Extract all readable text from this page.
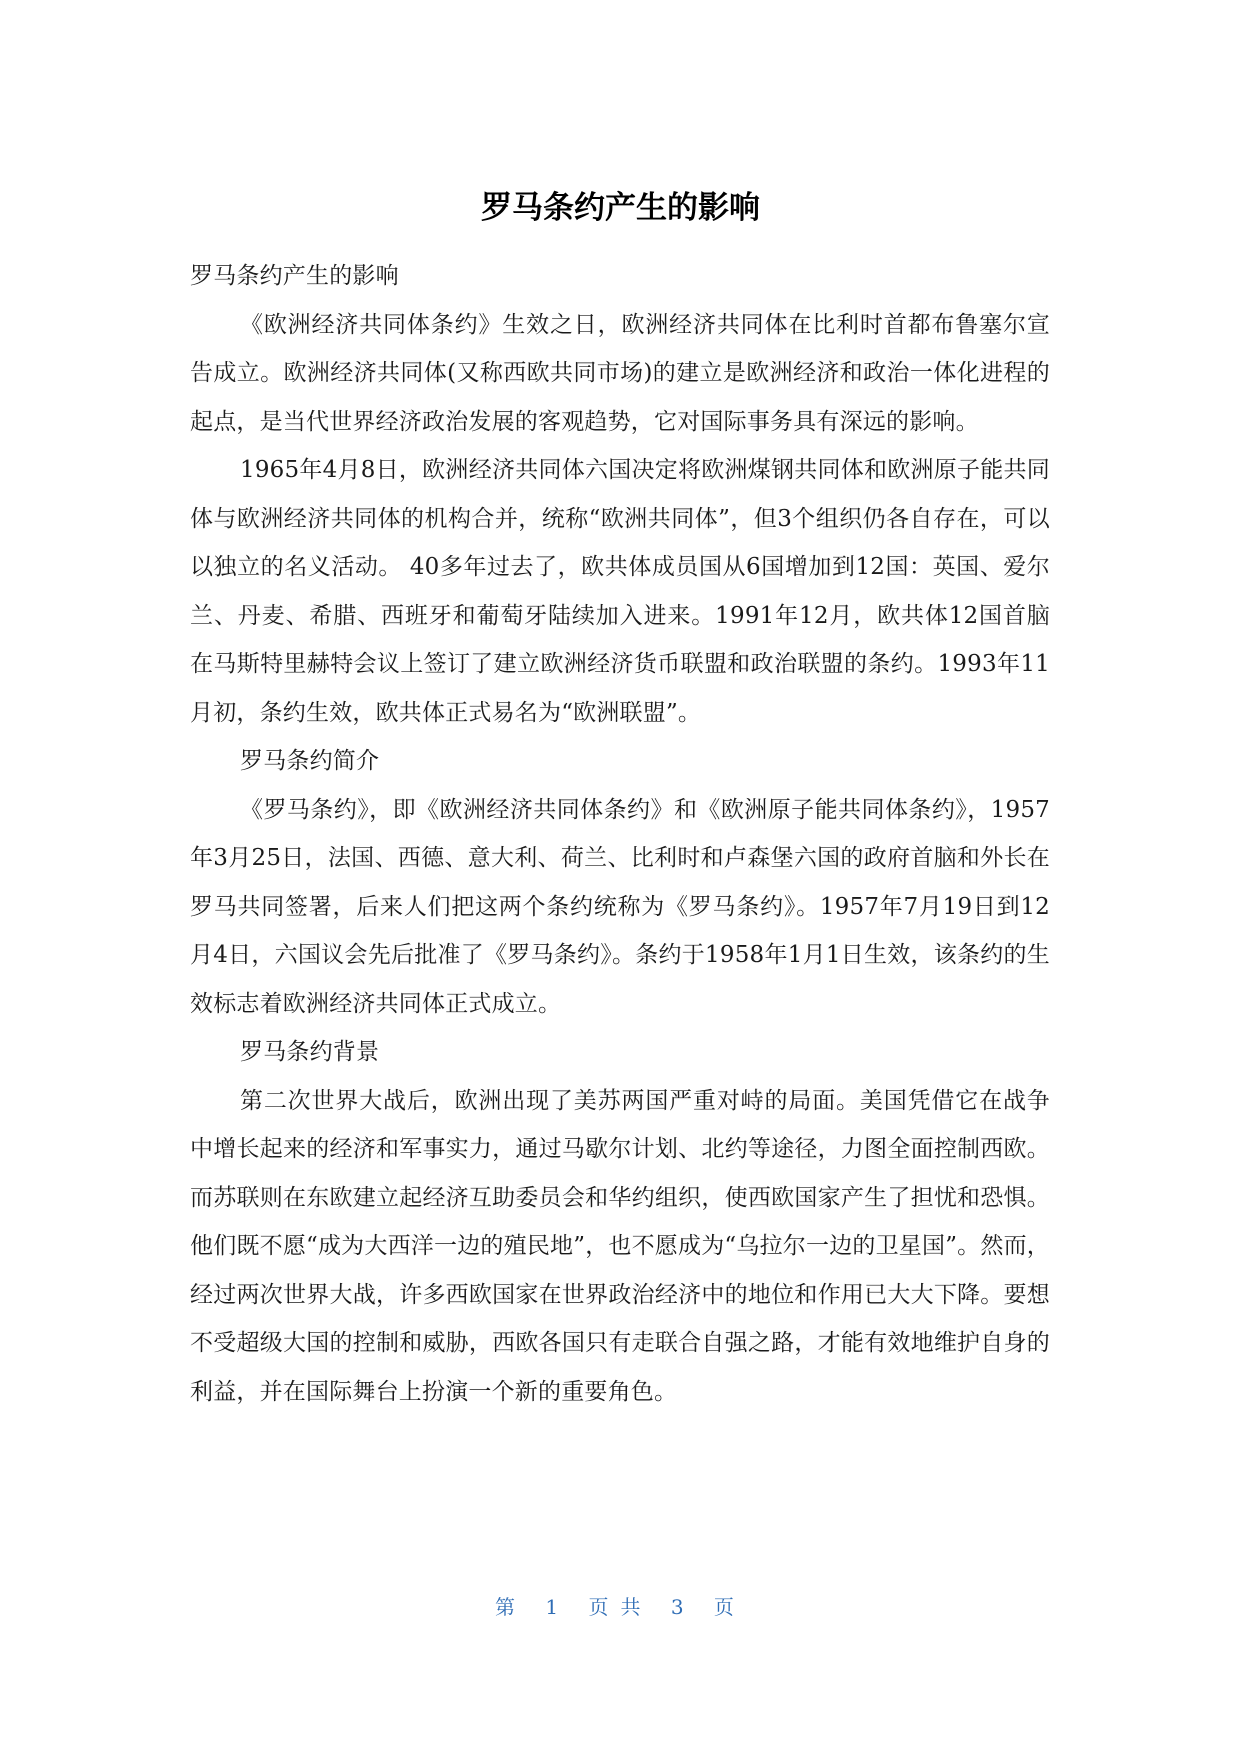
罗马条约产生的影响

罗马条约产生的影响

《欧洲经济共同体条约》生效之日，欧洲经济共同体在比利时首都布鲁塞尔宣告成立。欧洲经济共同体(又称西欧共同市场)的建立是欧洲经济和政治一体化进程的起点，是当代世界经济政治发展的客观趋势，它对国际事务具有深远的影响。

1965年4月8日，欧洲经济共同体六国决定将欧洲煤钢共同体和欧洲原子能共同体与欧洲经济共同体的机构合并，统称“欧洲共同体”，但3个组织仍各自存在，可以以独立的名义活动。 40多年过去了，欧共体成员国从6国增加到12国：英国、爱尔兰、丹麦、希腊、西班牙和葡萄牙陆续加入进来。1991年12月，欧共体12国首脑在马斯特里赫特会议上签订了建立欧洲经济货币联盟和政治联盟的条约。1993年11月初，条约生效，欧共体正式易名为“欧洲联盟”。

罗马条约简介

《罗马条约》，即《欧洲经济共同体条约》和《欧洲原子能共同体条约》，1957年3月25日，法国、西德、意大利、荷兰、比利时和卢森堡六国的政府首脑和外长在罗马共同签署，后来人们把这两个条约统称为《罗马条约》。1957年7月19日到12月4日，六国议会先后批准了《罗马条约》。条约于1958年1月1日生效，该条约的生效标志着欧洲经济共同体正式成立。

罗马条约背景

第二次世界大战后，欧洲出现了美苏两国严重对峙的局面。美国凭借它在战争中增长起来的经济和军事实力，通过马歇尔计划、北约等途径，力图全面控制西欧。而苏联则在东欧建立起经济互助委员会和华约组织，使西欧国家产生了担忧和恐惧。他们既不愿“成为大西洋一边的殖民地”，也不愿成为“乌拉尔一边的卫星国”。然而，经过两次世界大战，许多西欧国家在世界政治经济中的地位和作用已大大下降。要想不受超级大国的控制和威胁，西欧各国只有走联合自强之路，才能有效地维护自身的利益，并在国际舞台上扮演一个新的重要角色。

第 1 页共 3 页
